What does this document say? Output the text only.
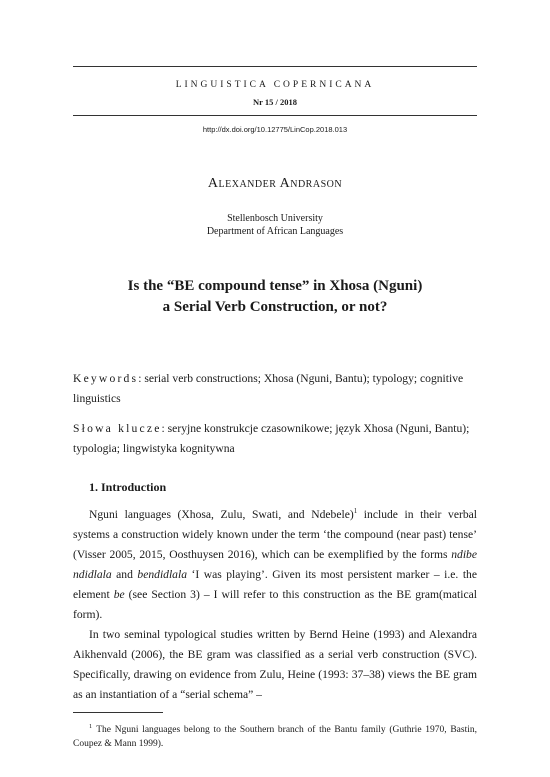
LINGUISTICA COPERNICANA
Nr 15 / 2018
http://dx.doi.org/10.12775/LinCop.2018.013
Alexander Andrason
Stellenbosch University
Department of African Languages
Is the “BE compound tense” in Xhosa (Nguni)
a Serial Verb Construction, or not?
Keywords: serial verb constructions; Xhosa (Nguni, Bantu); typology; cognitive linguistics
Słowa klucze: seryjne konstrukcje czasownikowe; język Xhosa (Nguni, Bantu); typologia; lingwistyka kognitywna
1. Introduction

Nguni languages (Xhosa, Zulu, Swati, and Ndebele)$^1$ include in their verbal systems a construction widely known under the term ‘the compound (near past) tense’ (Visser 2005, 2015, Oosthuysen 2016), which can be exemplified by the forms ndibe ndidlala and bendidlala ‘I was playing’. Given its most persistent marker – i.e. the element be (see Section 3) – I will refer to this construction as the BE gram(matical form).

In two seminal typological studies written by Bernd Heine (1993) and Alexandra Aikhenvald (2006), the BE gram was classified as a serial verb construction (SVC). Specifically, drawing on evidence from Zulu, Heine (1993: 37–38) views the BE gram as an instantiation of a “serial schema” –

$^1$ The Nguni languages belong to the Southern branch of the Bantu family (Guthrie 1970, Bastin, Coupez & Mann 1999).
